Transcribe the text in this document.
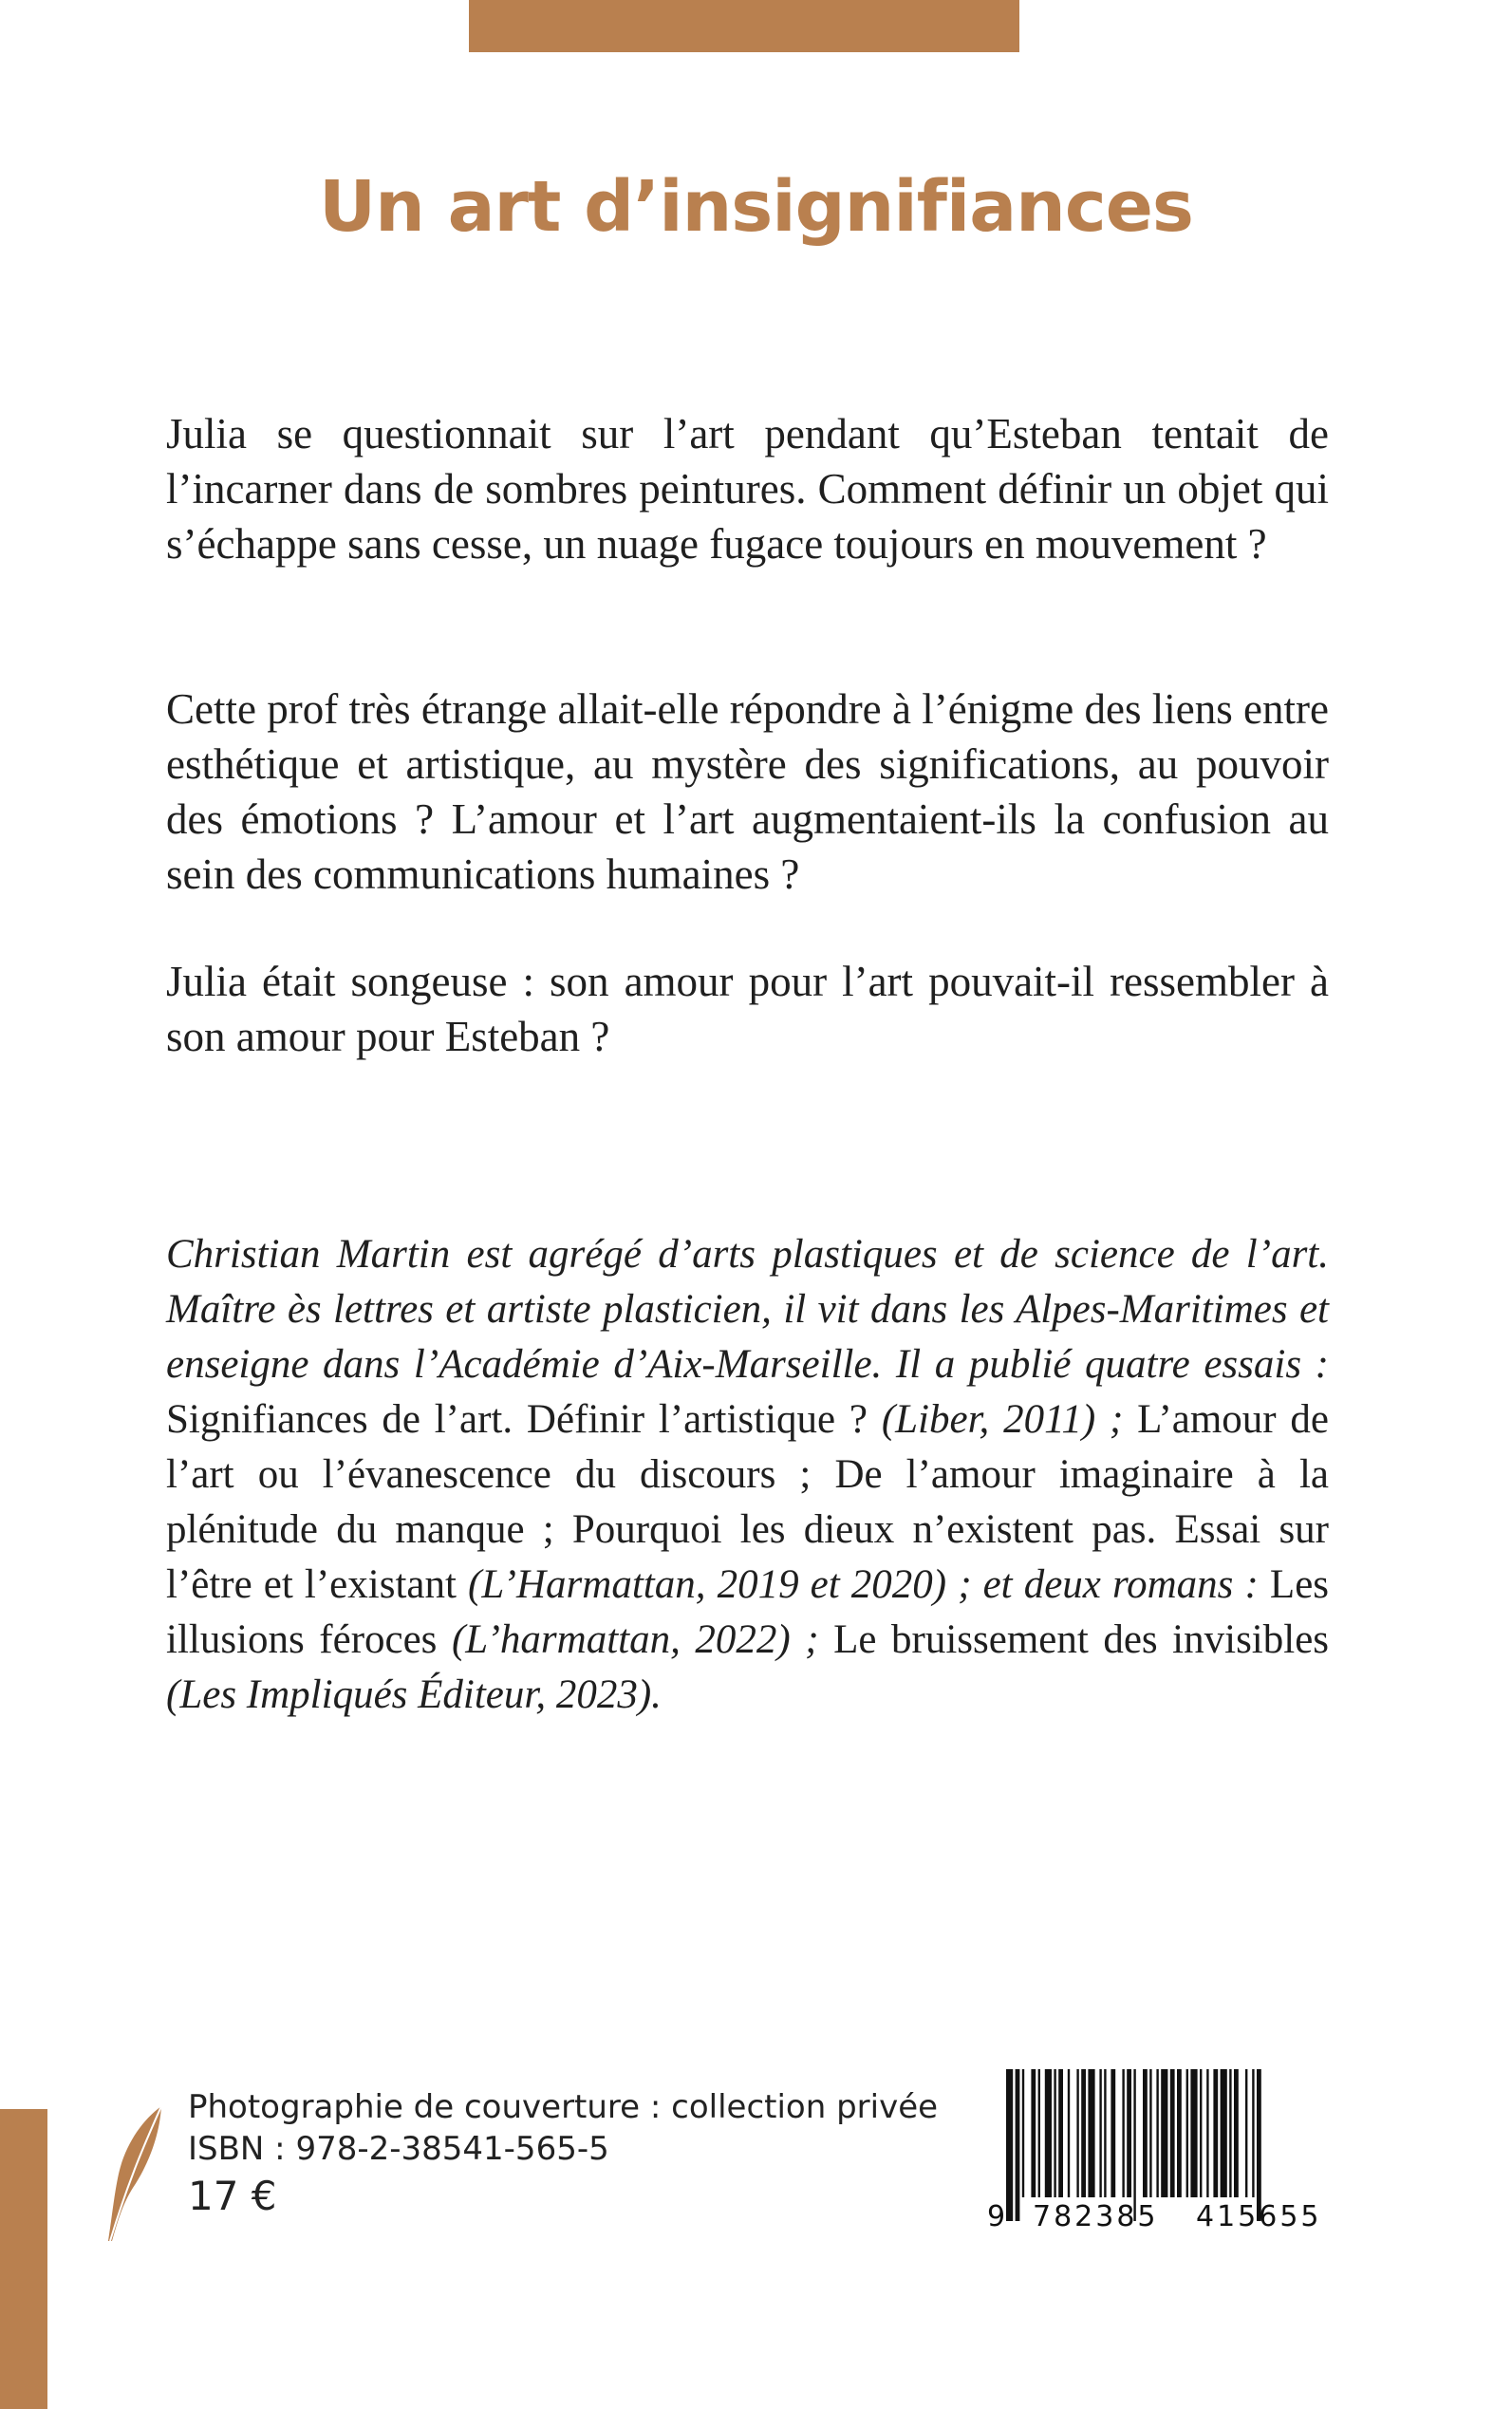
Un art d’insignifiances

Julia se questionnait sur l’art pendant qu’Esteban tentait de l’incarner dans de sombres peintures. Comment définir un objet qui s’échappe sans cesse, un nuage fugace toujours en mouvement ?

Cette prof très étrange allait-elle répondre à l’énigme des liens entre esthétique et artistique, au mystère des significations, au pouvoir des émotions ? L’amour et l’art augmentaient-ils la confusion au sein des communications humaines ?

Julia était songeuse : son amour pour l’art pouvait-il ressembler à son amour pour Esteban ?

Christian Martin est agrégé d’arts plastiques et de science de l’art. Maître ès lettres et artiste plasticien, il vit dans les Alpes-Maritimes et enseigne dans l’Académie d’Aix-Marseille. Il a publié quatre essais : Signifiances de l’art. Définir l’artistique ? (Liber, 2011) ; L’amour de l’art ou l’évanescence du discours ; De l’amour imaginaire à la plénitude du manque ; Pourquoi les dieux n’existent pas. Essai sur l’être et l’existant (L’Harmattan, 2019 et 2020) ; et deux romans : Les illusions féroces (L’harmattan, 2022) ; Le bruissement des invisibles (Les Impliqués Éditeur, 2023).

Photographie de couverture : collection privée
ISBN : 978-2-38541-565-5
17 €	9 782385 415655
